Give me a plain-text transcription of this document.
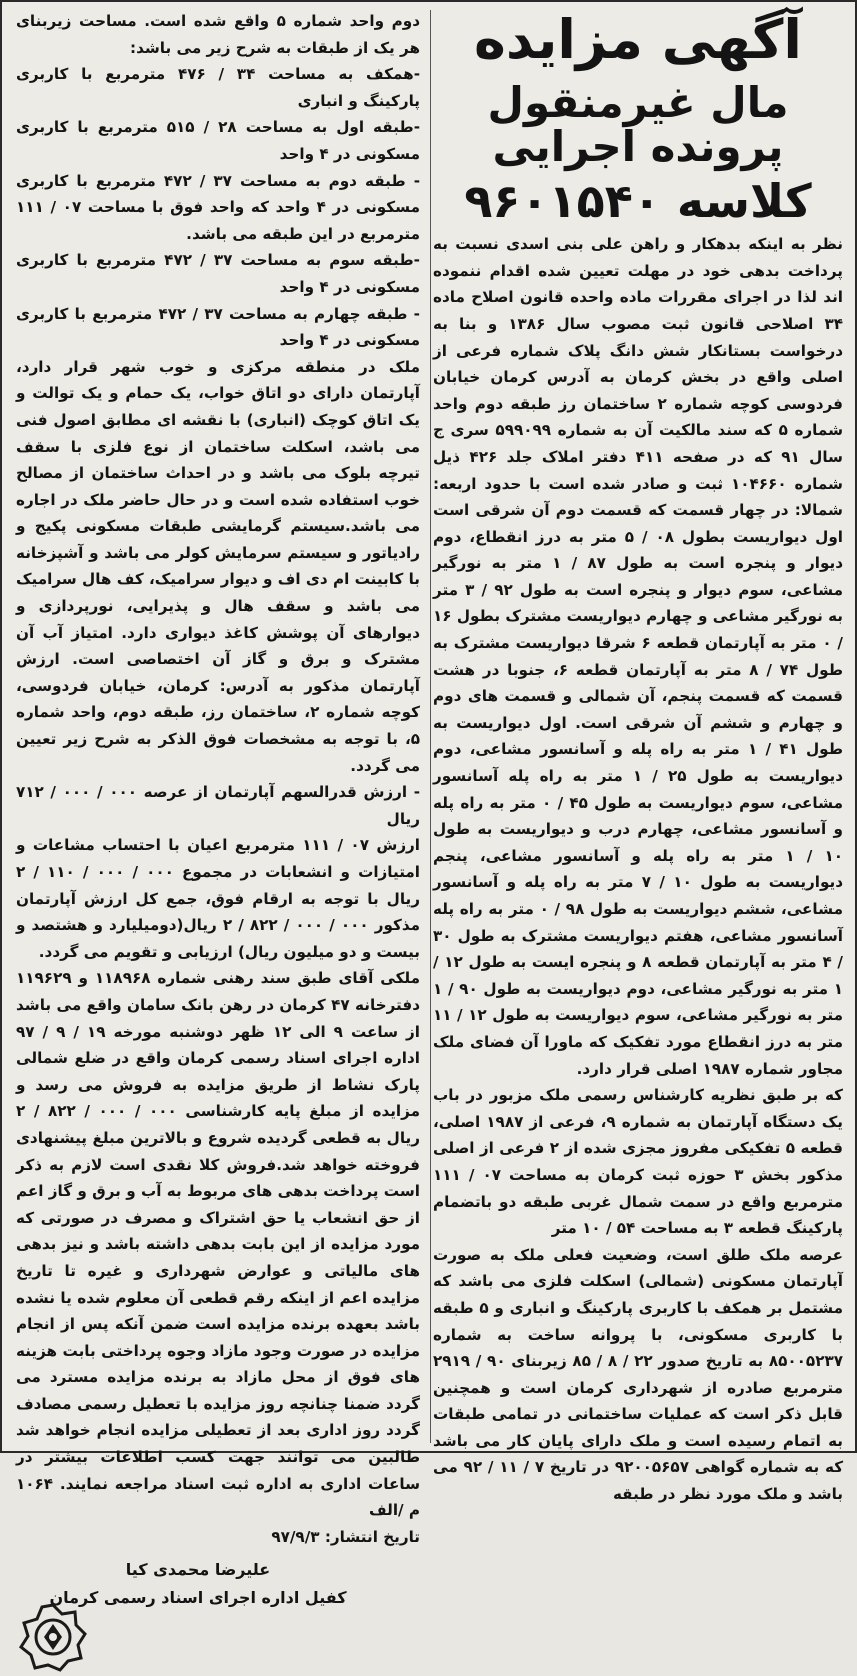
آگهی مزایده
مال غیرمنقول پرونده اجرایی
کلاسه ۹۶۰۱۵۴۰

نظر به اینکه بدهکار و راهن علی بنی اسدی نسبت به پرداخت بدهی خود در مهلت تعیین شده اقدام ننموده اند لذا در اجرای مقررات ماده واحده قانون اصلاح ماده ۳۴ اصلاحی قانون ثبت مصوب سال ۱۳۸۶ و بنا به درخواست بستانکار شش دانگ پلاک شماره فرعی از اصلی واقع در بخش کرمان به آدرس کرمان خیابان فردوسی کوچه شماره ۲ ساختمان رز طبقه دوم واحد شماره ۵ که سند مالکیت آن به شماره ۵۹۹۰۹۹ سری ج سال ۹۱ که در صفحه ۴۱۱ دفتر املاک جلد ۴۲۶ ذیل شماره ۱۰۴۶۶۰ ثبت و صادر شده است با حدود اربعه: شمالا: در چهار قسمت که قسمت دوم آن شرقی است اول دیواریست بطول ۰۸ / ۵ متر به درز انقطاع، دوم دیوار و پنجره است به طول ۸۷ / ۱ متر به نورگیر مشاعی، سوم دیوار و پنجره است به طول ۹۲ / ۳ متر به نورگیر مشاعی و چهارم دیواریست مشترک بطول ۱۶ / ۰ متر به آپارتمان قطعه ۶ شرقا دیواریست مشترک به طول ۷۴ / ۸ متر به آپارتمان قطعه ۶، جنوبا در هشت قسمت که قسمت پنجم، آن شمالی و قسمت های دوم و چهارم و ششم آن شرقی است. اول دیواریست به طول ۴۱ / ۱ متر به راه پله و آسانسور مشاعی، دوم دیواریست به طول ۲۵ / ۱ متر به راه پله آسانسور مشاعی، سوم دیواریست به طول ۴۵ / ۰ متر به راه پله و آسانسور مشاعی، چهارم درب و دیواریست به طول ۱۰ / ۱ متر به راه پله و آسانسور مشاعی، پنجم دیواریست به طول ۱۰ / ۷ متر به راه پله و آسانسور مشاعی، ششم دیواریست به طول ۹۸ / ۰ متر به راه پله آسانسور مشاعی، هفتم دیواریست مشترک به طول ۳۰ / ۴ متر به آپارتمان قطعه ۸ و پنجره ایست به طول ۱۲ / ۱ متر به نورگیر مشاعی، دوم دیواریست به طول ۹۰ / ۱ متر به نورگیر مشاعی، سوم دیواریست به طول ۱۲ / ۱۱ متر به درز انقطاع مورد تفکیک که ماورا آن فضای ملک مجاور شماره ۱۹۸۷ اصلی قرار دارد.

که بر طبق نظریه کارشناس رسمی ملک مزبور در باب یک دستگاه آپارتمان به شماره ۹، فرعی از ۱۹۸۷ اصلی، قطعه ۵ تفکیکی مفروز مجزی شده از ۲ فرعی از اصلی مذکور بخش ۳ حوزه ثبت کرمان به مساحت ۰۷ / ۱۱۱ مترمربع واقع در سمت شمال غربی طبقه دو باتضمام پارکینگ قطعه ۳ به مساحت ۵۴ / ۱۰ متر

عرصه ملک طلق است، وضعیت فعلی ملک به صورت آپارتمان مسکونی (شمالی) اسکلت فلزی می باشد که مشتمل بر همکف با کاربری پارکینگ و انباری و ۵ طبقه با کاربری مسکونی، با پروانه ساخت به شماره ۸۵۰۰۵۲۳۷ به تاریخ صدور ۲۲ / ۸ / ۸۵ زیربنای ۹۰ / ۲۹۱۹ مترمربع صادره از شهرداری کرمان است و همچنین قابل ذکر است که عملیات ساختمانی در تمامی طبقات به اتمام رسیده است و ملک دارای پایان کار می باشد که به شماره گواهی ۹۲۰۰۵۶۵۷ در تاریخ ۷ / ۱۱ / ۹۲ می باشد و ملک مورد نظر در طبقه

دوم واحد شماره ۵ واقع شده است. مساحت زیربنای هر یک از طبقات به شرح زیر می باشد:

-همکف به مساحت ۳۴ / ۴۷۶ مترمربع با کاربری پارکینگ و انباری

-طبقه اول به مساحت ۲۸ / ۵۱۵ مترمربع با کاربری مسکونی در ۴ واحد

- طبقه دوم به مساحت ۳۷ / ۴۷۲ مترمربع با کاربری مسکونی در ۴ واحد که واحد فوق با مساحت ۰۷ / ۱۱۱ مترمربع در این طبقه می باشد.

-طبقه سوم به مساحت ۳۷ / ۴۷۲ مترمربع با کاربری مسکونی در ۴ واحد

- طبقه چهارم به مساحت ۳۷ / ۴۷۲ مترمربع با کاربری مسکونی در ۴ واحد

ملک در منطقه مرکزی و خوب شهر قرار دارد، آپارتمان دارای دو اتاق خواب، یک حمام و یک توالت و یک اتاق کوچک (انباری) با نقشه ای مطابق اصول فنی می باشد، اسکلت ساختمان از نوع فلزی با سقف تیرچه بلوک می باشد و در احداث ساختمان از مصالح خوب استفاده شده است و در حال حاضر ملک در اجاره می باشد.سیستم گرمایشی طبقات مسکونی پکیج و رادیاتور و سیستم سرمایش کولر می باشد و آشپزخانه با کابینت ام دی اف و دیوار سرامیک، کف هال سرامیک می باشد و سقف هال و پذیرایی، نورپردازی و دیوارهای آن پوشش کاغذ دیواری دارد. امتیاز آب آن مشترک و برق و گاز آن اختصاصی است. ارزش آپارتمان مذکور به آدرس: کرمان، خیابان فردوسی، کوچه شماره ۲، ساختمان رز، طبقه دوم، واحد شماره ۵، با توجه به مشخصات فوق الذکر به شرح زیر تعیین می گردد.

- ارزش قدرالسهم آپارتمان از عرصه ۰۰۰ / ۰۰۰ / ۷۱۲ ریال

ارزش ۰۷ / ۱۱۱ مترمربع اعیان با احتساب مشاعات و امتیازات و انشعابات در مجموع ۰۰۰ / ۰۰۰ / ۱۱۰ / ۲ ریال با توجه به ارقام فوق، جمع کل ارزش آپارتمان مذکور ۰۰۰ / ۰۰۰ / ۸۲۲ / ۲ ریال(دومیلیارد و هشتصد و بیست و دو میلیون ریال) ارزیابی و تقویم می گردد.

ملکی آقای طبق سند رهنی شماره ۱۱۸۹۶۸ و ۱۱۹۶۲۹ دفترخانه ۴۷ کرمان در رهن بانک سامان واقع می باشد از ساعت ۹ الی ۱۲ ظهر دوشنبه مورخه ۱۹ / ۹ / ۹۷ اداره اجرای اسناد رسمی کرمان واقع در ضلع شمالی پارک نشاط از طریق مزایده به فروش می رسد و مزایده از مبلغ پایه کارشناسی ۰۰۰ / ۰۰۰ / ۸۲۲ / ۲ ریال به قطعی گردیده شروع و بالاترین مبلغ پیشنهادی فروخته خواهد شد.فروش کلا نقدی است لازم به ذکر است پرداخت بدهی های مربوط به آب و برق و گاز اعم از حق انشعاب یا حق اشتراک و مصرف در صورتی که مورد مزایده از این بابت بدهی داشته باشد و نیز بدهی های مالیاتی و عوارض شهرداری و غیره تا تاریخ مزایده اعم از اینکه رقم قطعی آن معلوم شده یا نشده باشد بعهده برنده مزایده است ضمن آنکه پس از انجام مزایده در صورت وجود مازاد وجوه پرداختی بابت هزینه های فوق از محل مازاد به برنده مزایده مسترد می گردد ضمنا چنانچه روز مزایده با تعطیل رسمی مصادف گردد روز اداری بعد از تعطیلی مزایده انجام خواهد شد طالبین می توانند جهت کسب اطلاعات بیشتر در ساعات اداری به اداره ثبت اسناد مراجعه نمایند. ۱۰۶۴ م /الف

تاریخ انتشار: ۹۷/۹/۳

علیرضا محمدی کیا
کفیل اداره اجرای اسناد رسمی کرمان
